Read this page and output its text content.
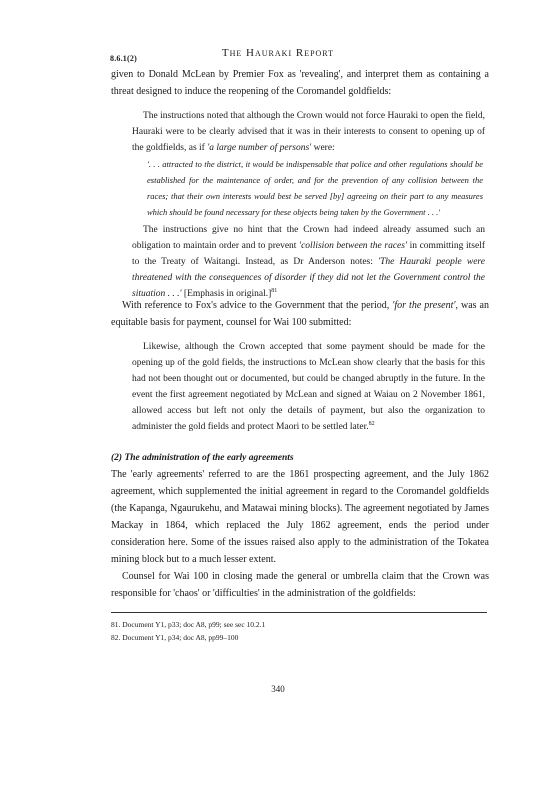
8.6.1(2)	The Hauraki Report

given to Donald McLean by Premier Fox as 'revealing', and interpret them as containing a threat designed to induce the reopening of the Coromandel goldfields:

The instructions noted that although the Crown would not force Hauraki to open the field, Hauraki were to be clearly advised that it was in their interests to consent to opening up of the goldfields, as if 'a large number of persons' were:

'. . . attracted to the district, it would be indispensable that police and other regulations should be established for the maintenance of order, and for the prevention of any collision between the races; that their own interests would best be served [by] agreeing on their part to any measures which should be found necessary for these objects being taken by the Government . . .'

The instructions give no hint that the Crown had indeed already assumed such an obligation to maintain order and to prevent 'collision between the races' in committing itself to the Treaty of Waitangi. Instead, as Dr Anderson notes: 'The Hauraki people were threatened with the consequences of disorder if they did not let the Government control the situation . . .' [Emphasis in original.]$^{81}$

With reference to Fox's advice to the Government that the period, 'for the present', was an equitable basis for payment, counsel for Wai 100 submitted:

Likewise, although the Crown accepted that some payment should be made for the opening up of the gold fields, the instructions to McLean show clearly that the basis for this had not been thought out or documented, but could be changed abruptly in the future. In the event the first agreement negotiated by McLean and signed at Waiau on 2 November 1861, allowed access but left not only the details of payment, but also the organization to administer the gold fields and protect Maori to be settled later.$^{82}$

(2) The administration of the early agreements

The 'early agreements' referred to are the 1861 prospecting agreement, and the July 1862 agreement, which supplemented the initial agreement in regard to the Coromandel goldfields (the Kapanga, Ngaurukehu, and Matawai mining blocks). The agreement negotiated by James Mackay in 1864, which replaced the July 1862 agreement, ends the period under consideration here. Some of the issues raised also apply to the administration of the Tokatea mining block but to a much lesser extent.

Counsel for Wai 100 in closing made the general or umbrella claim that the Crown was responsible for 'chaos' or 'difficulties' in the administration of the goldfields:

81. Document Y1, p33; doc A8, p99; see sec 10.2.1
82. Document Y1, p34; doc A8, pp99–100
340
